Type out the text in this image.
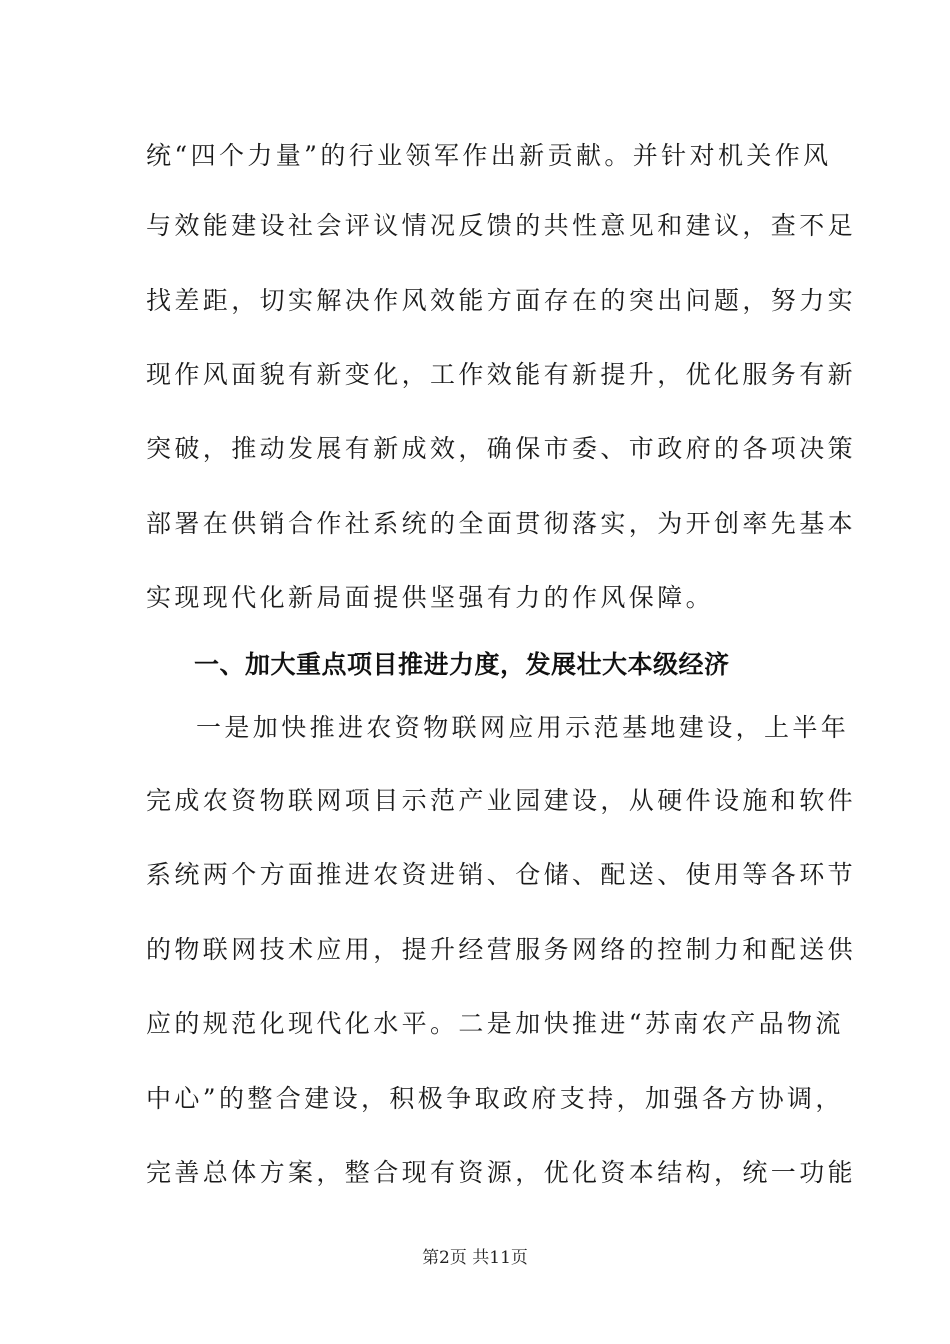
统“四个力量”的行业领军作出新贡献。并针对机关作风
与效能建设社会评议情况反馈的共性意见和建议，查不足
找差距，切实解决作风效能方面存在的突出问题，努力实
现作风面貌有新变化，工作效能有新提升，优化服务有新
突破，推动发展有新成效，确保市委、市政府的各项决策
部署在供销合作社系统的全面贯彻落实，为开创率先基本
实现现代化新局面提供坚强有力的作风保障。
一、加大重点项目推进力度，发展壮大本级经济
一是加快推进农资物联网应用示范基地建设，上半年
完成农资物联网项目示范产业园建设，从硬件设施和软件
系统两个方面推进农资进销、仓储、配送、使用等各环节
的物联网技术应用，提升经营服务网络的控制力和配送供
应的规范化现代化水平。二是加快推进“苏南农产品物流
中心”的整合建设，积极争取政府支持，加强各方协调，
完善总体方案，整合现有资源，优化资本结构，统一功能
第2页 共11页
